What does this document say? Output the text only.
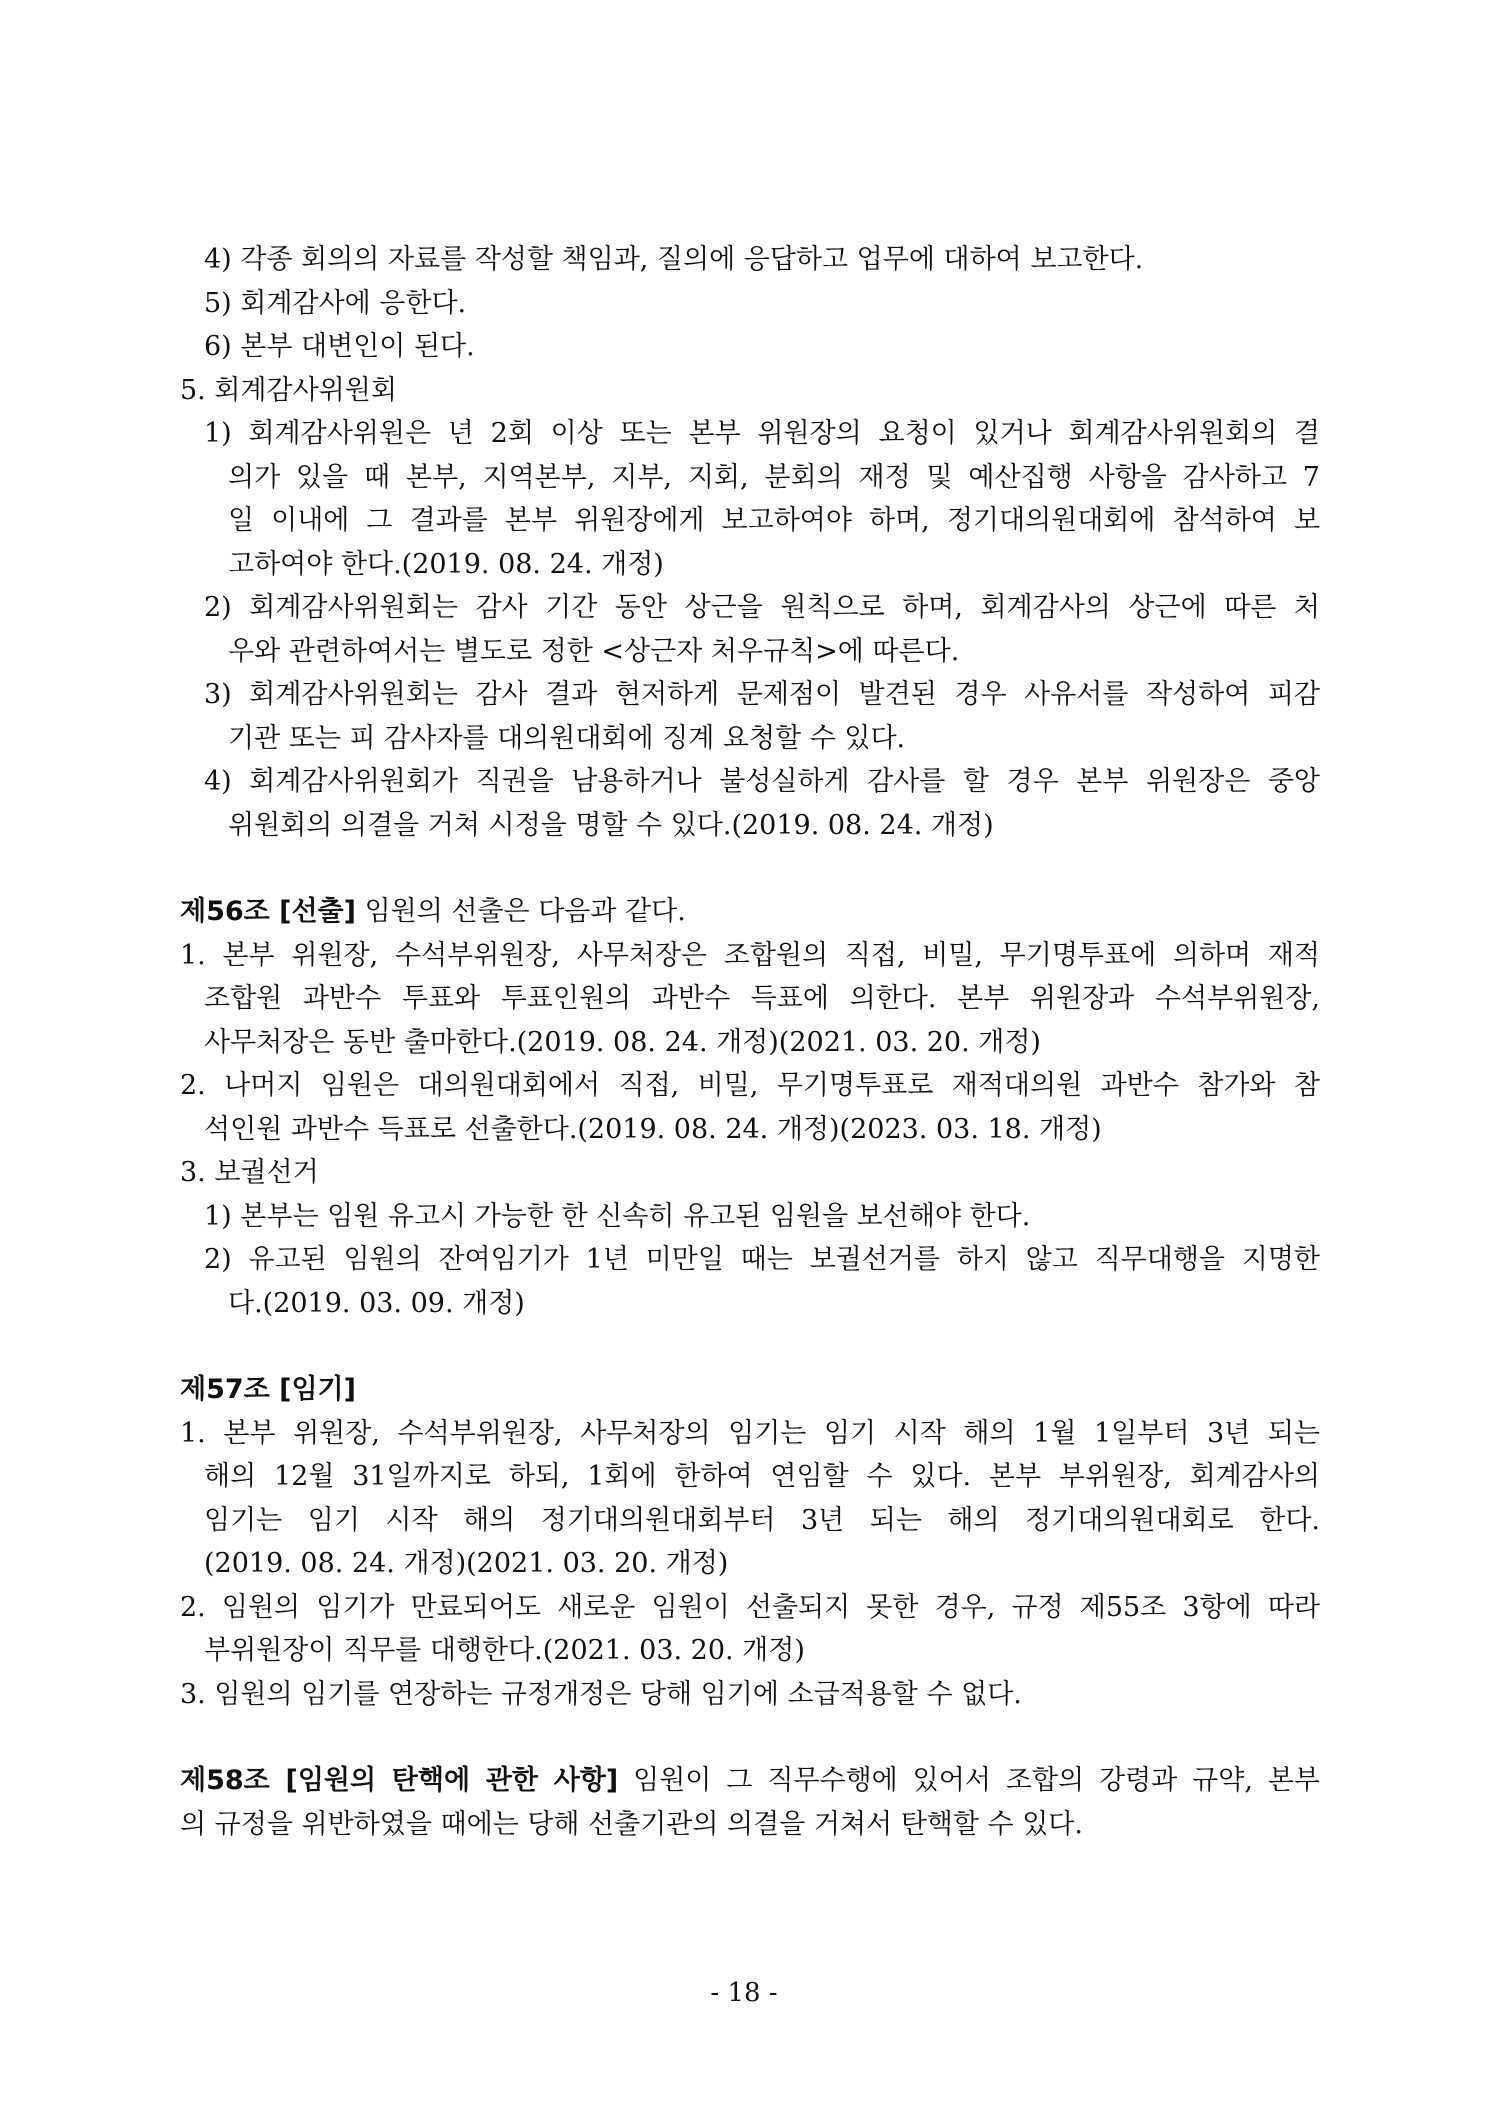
4) 각종 회의의 자료를 작성할 책임과, 질의에 응답하고 업무에 대하여 보고한다.
5) 회계감사에 응한다.
6) 본부 대변인이 된다.
5. 회계감사위원회
1) 회계감사위원은 년 2회 이상 또는 본부 위원장의 요청이 있거나 회계감사위원회의 결
의가 있을 때 본부, 지역본부, 지부, 지회, 분회의 재정 및 예산집행 사항을 감사하고 7
일 이내에 그 결과를 본부 위원장에게 보고하여야 하며, 정기대의원대회에 참석하여 보
고하여야 한다.(2019. 08. 24. 개정)
2) 회계감사위원회는 감사 기간 동안 상근을 원칙으로 하며, 회계감사의 상근에 따른 처
우와 관련하여서는 별도로 정한 <상근자 처우규칙>에 따른다.
3) 회계감사위원회는 감사 결과 현저하게 문제점이 발견된 경우 사유서를 작성하여 피감
기관 또는 피 감사자를 대의원대회에 징계 요청할 수 있다.
4) 회계감사위원회가 직권을 남용하거나 불성실하게 감사를 할 경우 본부 위원장은 중앙
위원회의 의결을 거쳐 시정을 명할 수 있다.(2019. 08. 24. 개정)
제56조 [선출] 임원의 선출은 다음과 같다.
1. 본부 위원장, 수석부위원장, 사무처장은 조합원의 직접, 비밀, 무기명투표에 의하며 재적
조합원 과반수 투표와 투표인원의 과반수 득표에 의한다. 본부 위원장과 수석부위원장,
사무처장은 동반 출마한다.(2019. 08. 24. 개정)(2021. 03. 20. 개정)
2. 나머지 임원은 대의원대회에서 직접, 비밀, 무기명투표로 재적대의원 과반수 참가와 참
석인원 과반수 득표로 선출한다.(2019. 08. 24. 개정)(2023. 03. 18. 개정)
3. 보궐선거
1) 본부는 임원 유고시 가능한 한 신속히 유고된 임원을 보선해야 한다.
2) 유고된 임원의 잔여임기가 1년 미만일 때는 보궐선거를 하지 않고 직무대행을 지명한
다.(2019. 03. 09. 개정)
제57조 [임기]
1. 본부 위원장, 수석부위원장, 사무처장의 임기는 임기 시작 해의 1월 1일부터 3년 되는
해의 12월 31일까지로 하되, 1회에 한하여 연임할 수 있다. 본부 부위원장, 회계감사의
임기는 임기 시작 해의 정기대의원대회부터 3년 되는 해의 정기대의원대회로 한다.
(2019. 08. 24. 개정)(2021. 03. 20. 개정)
2. 임원의 임기가 만료되어도 새로운 임원이 선출되지 못한 경우, 규정 제55조 3항에 따라
부위원장이 직무를 대행한다.(2021. 03. 20. 개정)
3. 임원의 임기를 연장하는 규정개정은 당해 임기에 소급적용할 수 없다.
제58조 [임원의 탄핵에 관한 사항] 임원이 그 직무수행에 있어서 조합의 강령과 규약, 본부
의 규정을 위반하였을 때에는 당해 선출기관의 의결을 거쳐서 탄핵할 수 있다.
- 18 -
